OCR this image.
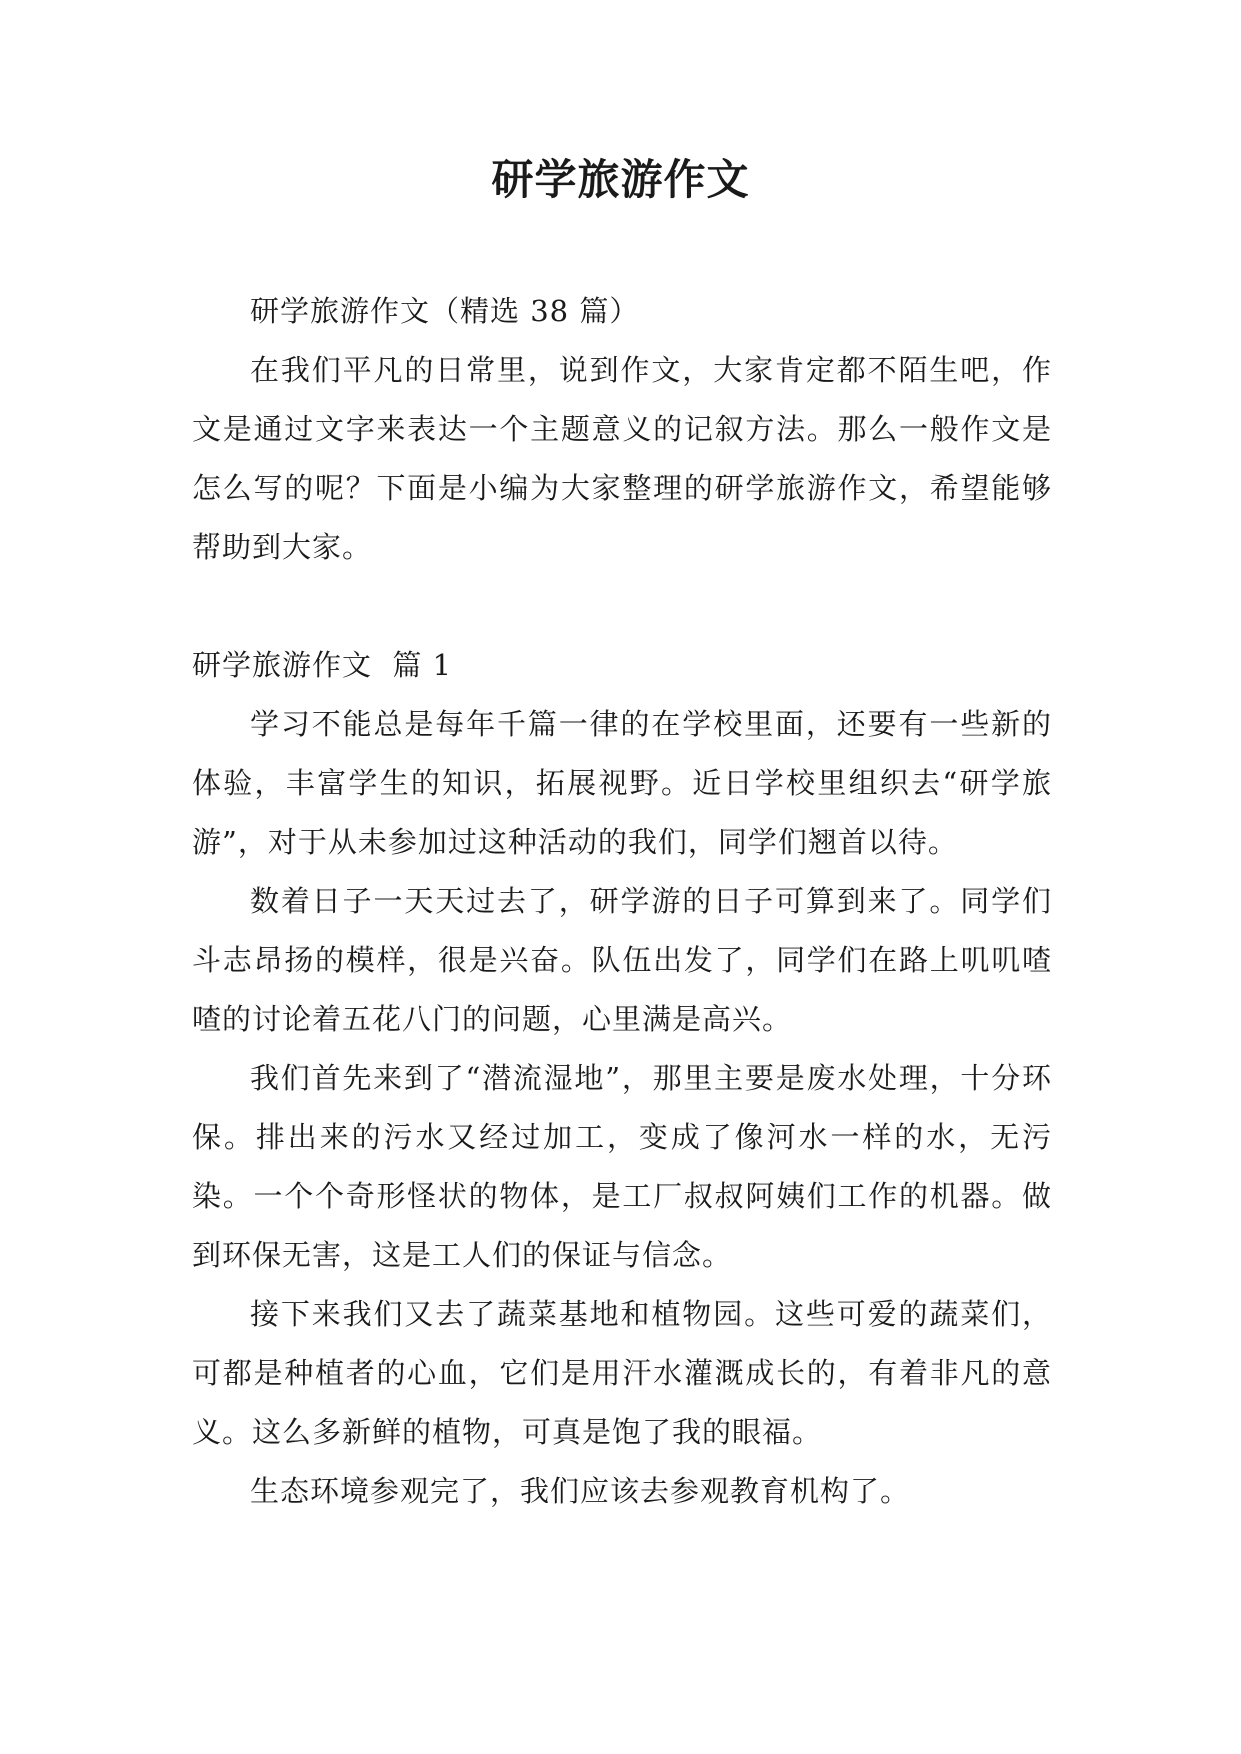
研学旅游作文

研学旅游作文（精选 38 篇）

在我们平凡的日常里，说到作文，大家肯定都不陌生吧，作文是通过文字来表达一个主题意义的记叙方法。那么一般作文是怎么写的呢？下面是小编为大家整理的研学旅游作文，希望能够帮助到大家。

研学旅游作文  篇 1

学习不能总是每年千篇一律的在学校里面，还要有一些新的体验，丰富学生的知识，拓展视野。近日学校里组织去“研学旅游”，对于从未参加过这种活动的我们，同学们翘首以待。

数着日子一天天过去了，研学游的日子可算到来了。同学们斗志昂扬的模样，很是兴奋。队伍出发了，同学们在路上叽叽喳喳的讨论着五花八门的问题，心里满是高兴。

我们首先来到了“潜流湿地”，那里主要是废水处理，十分环保。排出来的污水又经过加工，变成了像河水一样的水，无污染。一个个奇形怪状的物体，是工厂叔叔阿姨们工作的机器。做到环保无害，这是工人们的保证与信念。

接下来我们又去了蔬菜基地和植物园。这些可爱的蔬菜们，可都是种植者的心血，它们是用汗水灌溉成长的，有着非凡的意义。这么多新鲜的植物，可真是饱了我的眼福。

生态环境参观完了，我们应该去参观教育机构了。
